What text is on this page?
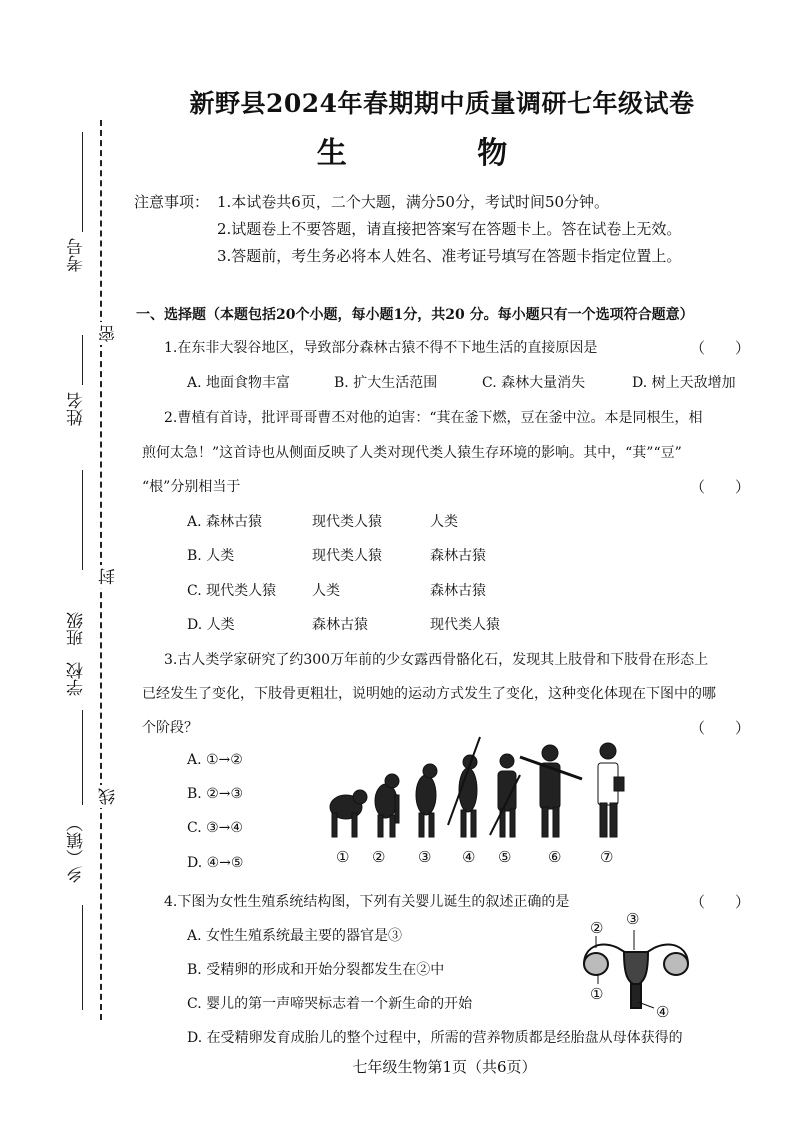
新野县2024年春期期中质量调研七年级试卷
生 物
考号
密
姓名
封
班级
学校
线
乡（镇）
注意事项： 1.本试卷共6页，二个大题，满分50分，考试时间50分钟。
2.试题卷上不要答题，请直接把答案写在答题卡上。答在试卷上无效。
3.答题前，考生务必将本人姓名、准考证号填写在答题卡指定位置上。
一、选择题（本题包括20个小题，每小题1分，共20 分。每小题只有一个选项符合题意）
1.在东非大裂谷地区，导致部分森林古猿不得不下地生活的直接原因是	（　　）
A. 地面食物丰富	B. 扩大生活范围	C. 森林大量消失	D. 树上天敌增加
2.曹植有首诗，批评哥哥曹丕对他的迫害：“萁在釜下燃，豆在釜中泣。本是同根生，相
煎何太急！”这首诗也从侧面反映了人类对现代类人猿生存环境的影响。其中，“萁”“豆”
“根”分别相当于	（　　）
A. 森林古猿	现代类人猿	人类
B. 人类	现代类人猿	森林古猿
C. 现代类人猿	人类	森林古猿
D. 人类	森林古猿	现代类人猿
3.古人类学家研究了约300万年前的少女露西骨骼化石，发现其上肢骨和下肢骨在形态上
已经发生了变化，下肢骨更粗壮，说明她的运动方式发生了变化，这种变化体现在下图中的哪
个阶段？	（　　）
A. ①→②
B. ②→③
C. ③→④
D. ④→⑤	① ② ③ ④ ⑤ ⑥	⑦
4.下图为女性生殖系统结构图，下列有关婴儿诞生的叙述正确的是	（　　）
A. 女性生殖系统最主要的器官是③
B. 受精卵的形成和开始分裂都发生在②中
C. 婴儿的第一声啼哭标志着一个新生命的开始
D. 在受精卵发育成胎儿的整个过程中，所需的营养物质都是经胎盘从母体获得的
② ③
①
④
七年级生物第1页（共6页）
